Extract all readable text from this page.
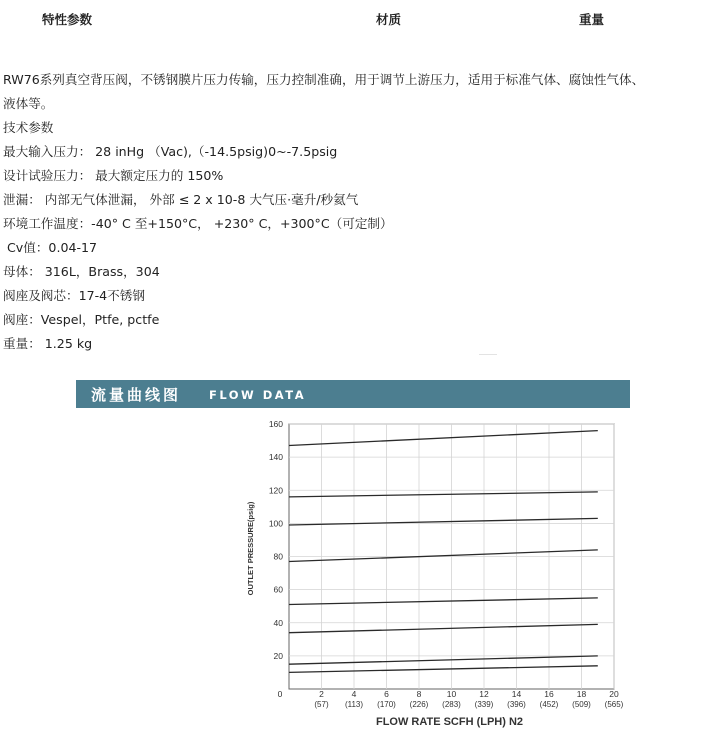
特性参数	材质	重量

RW76系列真空背压阀，不锈钢膜片压力传输，压力控制准确，用于调节上游压力，适用于标准气体、腐蚀性气体、

液体等。

技术参数

最大输入压力： 28 inHg （Vac),（-14.5psig)0~-7.5psig

设计试验压力： 最大额定压力的 150%

泄漏： 内部无气体泄漏， 外部 ≤ 2 x 10-8 大气压·毫升/秒氦气

环境工作温度：-40° C 至+150°C， +230° C，+300°C（可定制）

Cv值：0.04-17

母体： 316L，Brass，304

阀座及阀芯：17-4不锈钢

阀座：Vespel，Ptfe, pctfe

重量： 1.25 kg

流量曲线图 FLOW DATA
20
40
60
80
100
120
140
160
0	2
(57)
4
(113)
6
(170)
8
(226)
10
(283)
12
(339)
14
(396)
16
(452)
18
(509)
20
(565)
OUTLET PRESSURE(psig)
FLOW RATE SCFH (LPH) N2
